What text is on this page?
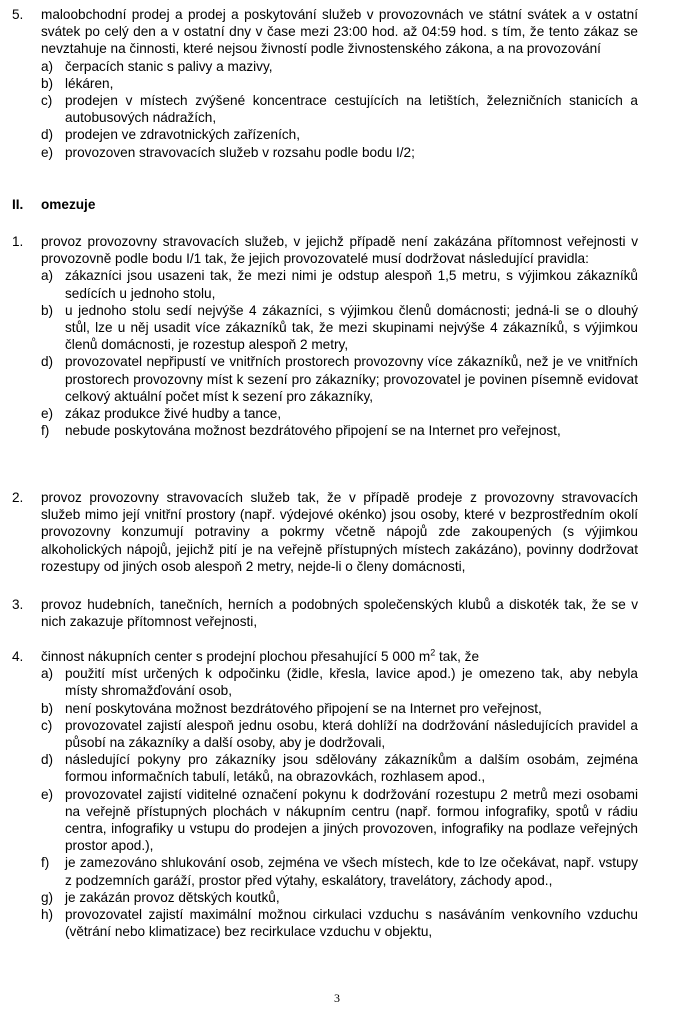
5.	maloobchodní prodej a prodej a poskytování služeb v provozovnách ve státní svátek a v ostatní svátek po celý den a v ostatní dny v čase mezi 23:00 hod. až 04:59 hod. s tím, že tento zákaz se nevztahuje na činnosti, které nejsou živností podle živnostenského zákona, a na provozování
a) čerpacích stanic s palivy a mazivy,
b) lékáren,
c) prodejen v místech zvýšené koncentrace cestujících na letištích, železničních stanicích a autobusových nádražích,
d) prodejen ve zdravotnických zařízeních,
e) provozoven stravovacích služeb v rozsahu podle bodu I/2;
II.	omezuje
1.	provoz provozovny stravovacích služeb, v jejichž případě není zakázána přítomnost veřejnosti v provozovně podle bodu I/1 tak, že jejich provozovatelé musí dodržovat následující pravidla:
a) zákazníci jsou usazeni tak, že mezi nimi je odstup alespoň 1,5 metru, s výjimkou zákazníků sedících u jednoho stolu,
b) u jednoho stolu sedí nejvýše 4 zákazníci, s výjimkou členů domácnosti; jedná-li se o dlouhý stůl, lze u něj usadit více zákazníků tak, že mezi skupinami nejvýše 4 zákazníků, s výjimkou členů domácnosti, je rozestup alespoň 2 metry,
d) provozovatel nepřipustí ve vnitřních prostorech provozovny více zákazníků, než je ve vnitřních prostorech provozovny míst k sezení pro zákazníky; provozovatel je povinen písemně evidovat celkový aktuální počet míst k sezení pro zákazníky,
e) zákaz produkce živé hudby a tance,
f) nebude poskytována možnost bezdrátového připojení se na Internet pro veřejnost,
2.	provoz provozovny stravovacích služeb tak, že v případě prodeje z provozovny stravovacích služeb mimo její vnitřní prostory (např. výdejové okénko) jsou osoby, které v bezprostředním okolí provozovny konzumují potraviny a pokrmy včetně nápojů zde zakoupených (s výjimkou alkoholických nápojů, jejichž pití je na veřejně přístupných místech zakázáno), povinny dodržovat rozestupy od jiných osob alespoň 2 metry, nejde-li o členy domácnosti,
3.	provoz hudebních, tanečních, herních a podobných společenských klubů a diskoték tak, že se v nich zakazuje přítomnost veřejnosti,
4.	činnost nákupních center s prodejní plochou přesahující 5 000 $m^2$ tak, že
a) použití míst určených k odpočinku (židle, křesla, lavice apod.) je omezeno tak, aby nebyla místy shromažďování osob,
b) není poskytována možnost bezdrátového připojení se na Internet pro veřejnost,
c) provozovatel zajistí alespoň jednu osobu, která dohlíží na dodržování následujících pravidel a působí na zákazníky a další osoby, aby je dodržovali,
d) následující pokyny pro zákazníky jsou sdělovány zákazníkům a dalším osobám, zejména formou informačních tabulí, letáků, na obrazovkách, rozhlasem apod.,
e) provozovatel zajistí viditelné označení pokynu k dodržování rozestupu 2 metrů mezi osobami na veřejně přístupných plochách v nákupním centru (např. formou infografiky, spotů v rádiu centra, infografiky u vstupu do prodejen a jiných provozoven, infografiky na podlaze veřejných prostor apod.),
f) je zamezováno shlukování osob, zejména ve všech místech, kde to lze očekávat, např. vstupy z podzemních garáží, prostor před výtahy, eskalátory, travelátory, záchody apod.,
g) je zakázán provoz dětských koutků,
h) provozovatel zajistí maximální možnou cirkulaci vzduchu s nasáváním venkovního vzduchu (větrání nebo klimatizace) bez recirkulace vzduchu v objektu,
3
